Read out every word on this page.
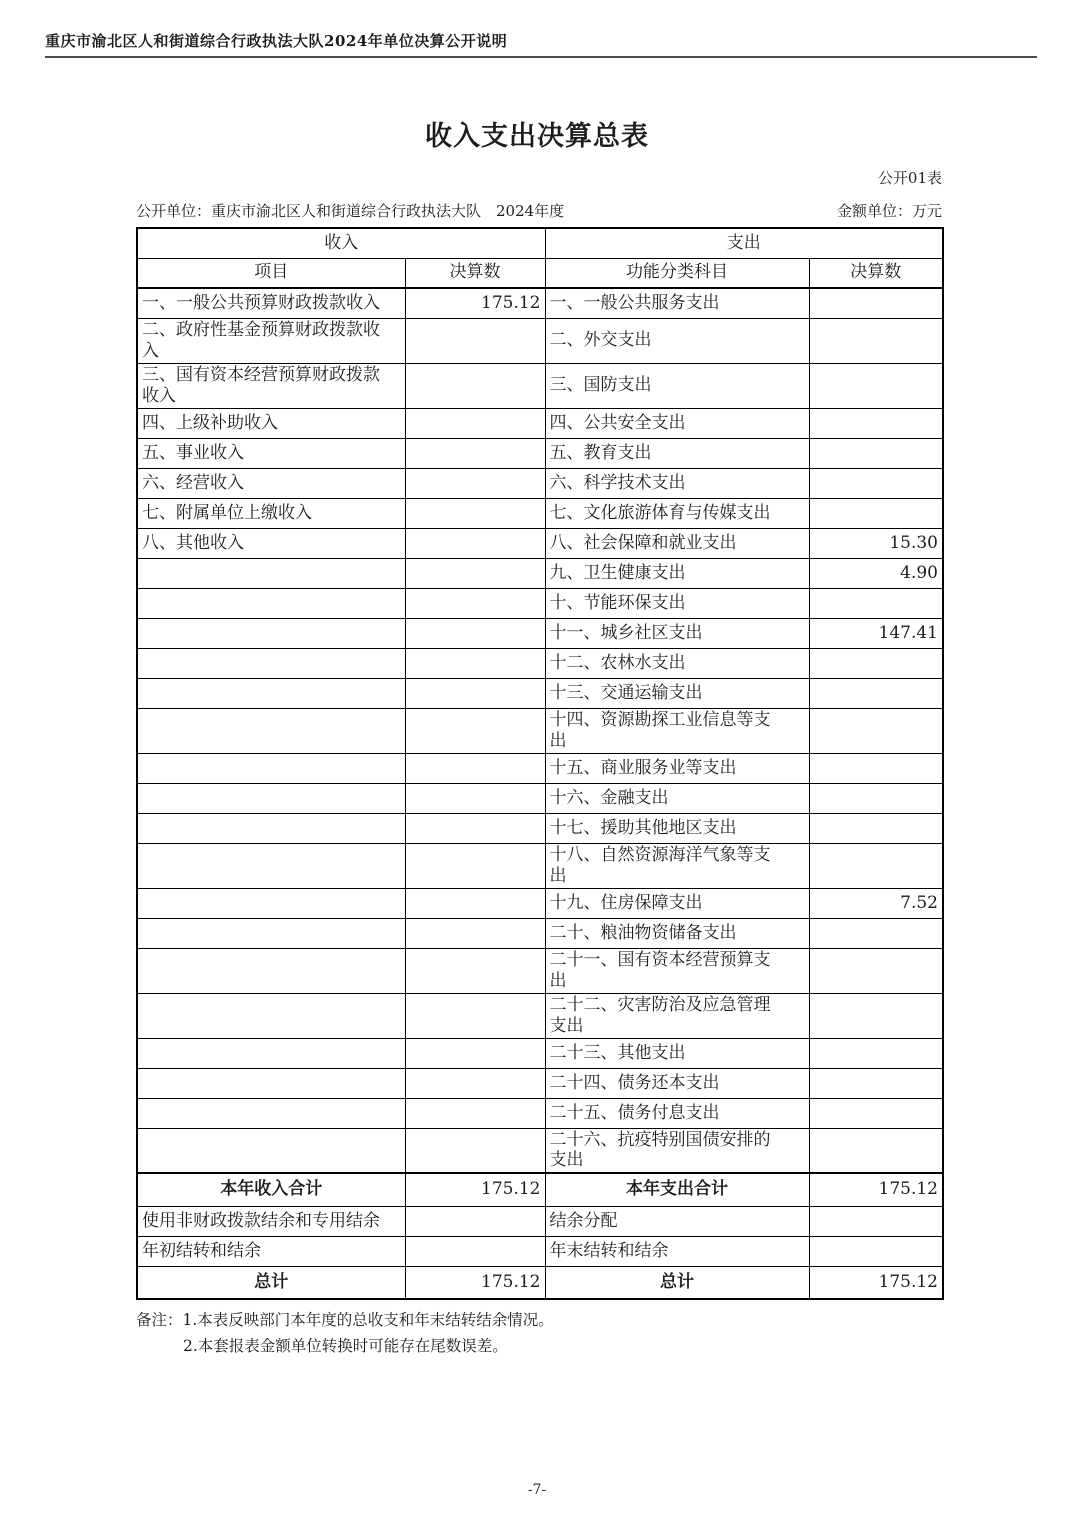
重庆市渝北区人和街道综合行政执法大队2024年单位决算公开说明
收入支出决算总表
公开01表
公开单位：重庆市渝北区人和街道综合行政执法大队　2024年度	金额单位：万元
收入		支出	
项目	决算数	功能分类科目	决算数
一、一般公共预算财政拨款收入	175.12	一、一般公共服务支出	
二、政府性基金预算财政拨款收
入		二、外交支出	
三、国有资本经营预算财政拨款
收入		三、国防支出	
四、上级补助收入		四、公共安全支出	
五、事业收入		五、教育支出	
六、经营收入		六、科学技术支出	
七、附属单位上缴收入		七、文化旅游体育与传媒支出	
八、其他收入		八、社会保障和就业支出	15.30
		九、卫生健康支出	4.90
		十、节能环保支出	
		十一、城乡社区支出	147.41
		十二、农林水支出	
		十三、交通运输支出	
		十四、资源勘探工业信息等支
出	
		十五、商业服务业等支出	
		十六、金融支出	
		十七、援助其他地区支出	
		十八、自然资源海洋气象等支
出	
		十九、住房保障支出	7.52
		二十、粮油物资储备支出	
		二十一、国有资本经营预算支
出	
		二十二、灾害防治及应急管理
支出	
		二十三、其他支出	
		二十四、债务还本支出	
		二十五、债务付息支出	
		二十六、抗疫特别国债安排的
支出	
本年收入合计	175.12	本年支出合计	175.12
使用非财政拨款结余和专用结余		结余分配	
年初结转和结余		年末结转和结余	
总计	175.12	总计	175.12
备注：1.本表反映部门本年度的总收支和年末结转结余情况。
2.本套报表金额单位转换时可能存在尾数误差。
-7-
